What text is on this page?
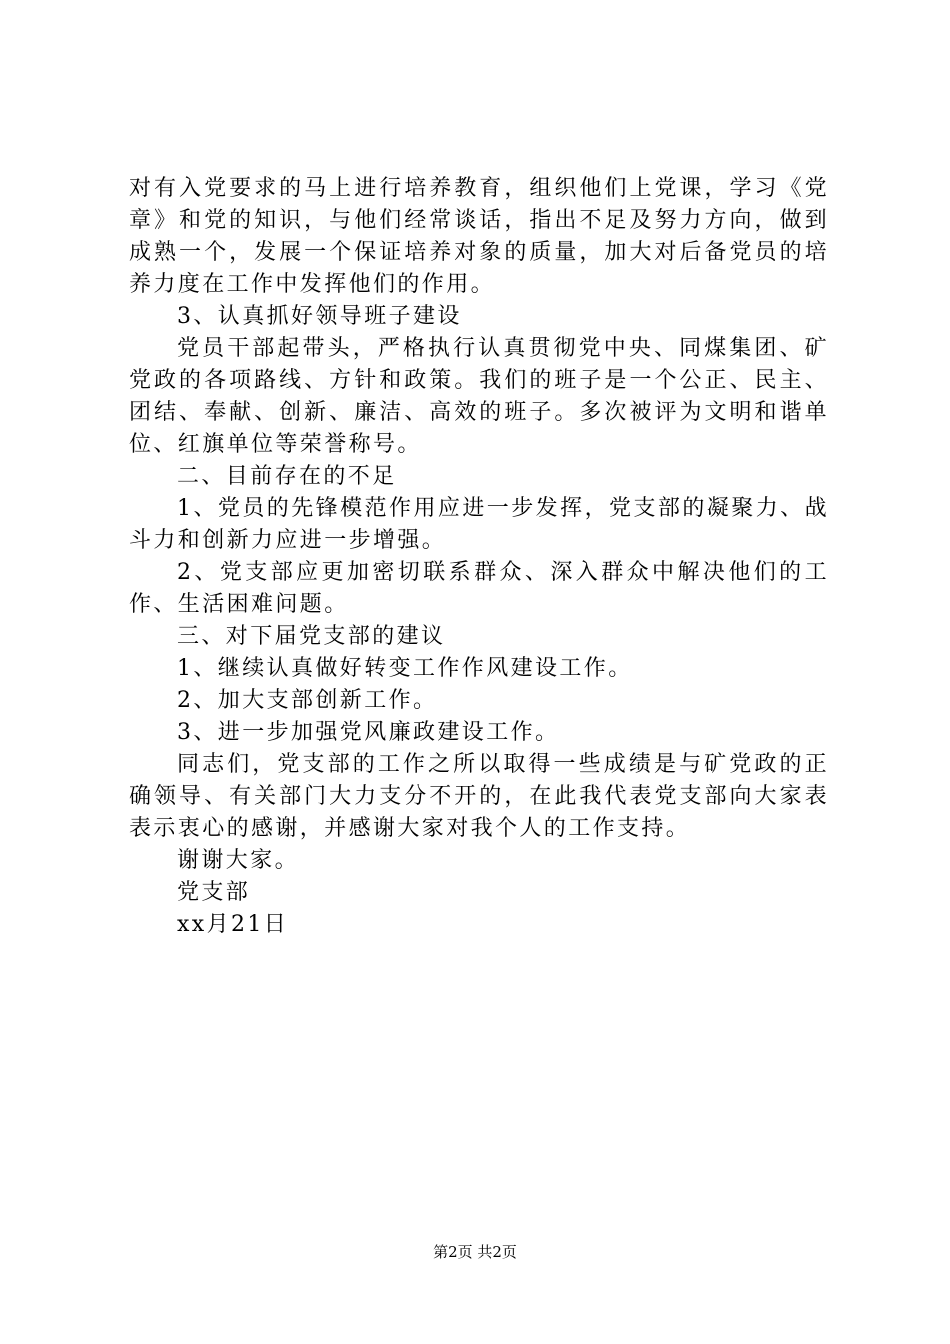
对有入党要求的马上进行培养教育，组织他们上党课，学习《党章》和党的知识，与他们经常谈话，指出不足及努力方向，做到成熟一个，发展一个保证培养对象的质量，加大对后备党员的培养力度在工作中发挥他们的作用。

3、认真抓好领导班子建设

党员干部起带头，严格执行认真贯彻党中央、同煤集团、矿党政的各项路线、方针和政策。我们的班子是一个公正、民主、团结、奉献、创新、廉洁、高效的班子。多次被评为文明和谐单位、红旗单位等荣誉称号。

二、目前存在的不足

1、党员的先锋模范作用应进一步发挥，党支部的凝聚力、战斗力和创新力应进一步增强。

2、党支部应更加密切联系群众、深入群众中解决他们的工作、生活困难问题。

三、对下届党支部的建议

1、继续认真做好转变工作作风建设工作。

2、加大支部创新工作。

3、进一步加强党风廉政建设工作。

同志们，党支部的工作之所以取得一些成绩是与矿党政的正确领导、有关部门大力支分不开的，在此我代表党支部向大家表表示衷心的感谢，并感谢大家对我个人的工作支持。

谢谢大家。

党支部

xx月21日

第2页 共2页
